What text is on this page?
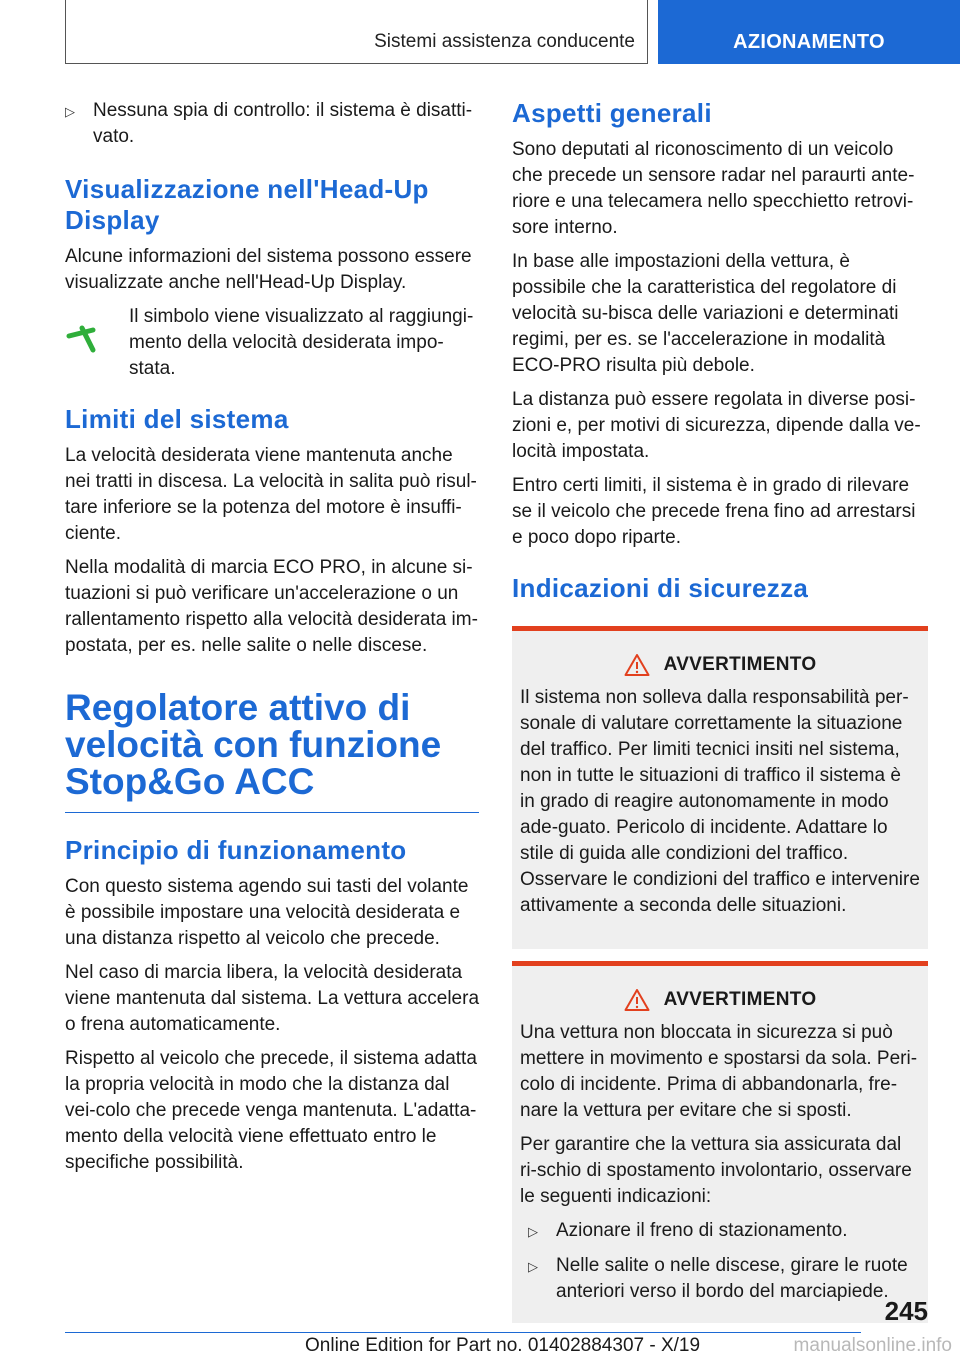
Sistemi assistenza conducente	AZIONAMENTO
▷ Nessuna spia di controllo: il sistema è disatti-vato.
Visualizzazione nell'Head-Up Display

Alcune informazioni del sistema possono essere visualizzate anche nell'Head-Up Display.

Il simbolo viene visualizzato al raggiungi-mento della velocità desiderata impo-stata.

Limiti del sistema

La velocità desiderata viene mantenuta anche nei tratti in discesa. La velocità in salita può risul-tare inferiore se la potenza del motore è insuffi-ciente.

Nella modalità di marcia ECO PRO, in alcune si-tuazioni si può verificare un'accelerazione o un rallentamento rispetto alla velocità desiderata im-postata, per es. nelle salite o nelle discese.

Regolatore attivo di velocità con funzione Stop&Go ACC
Principio di funzionamento

Con questo sistema agendo sui tasti del volante è possibile impostare una velocità desiderata e una distanza rispetto al veicolo che precede.

Nel caso di marcia libera, la velocità desiderata viene mantenuta dal sistema. La vettura accelera o frena automaticamente.

Rispetto al veicolo che precede, il sistema adatta la propria velocità in modo che la distanza dal vei-colo che precede venga mantenuta. L'adatta-mento della velocità viene effettuato entro le specifiche possibilità.

Aspetti generali

Sono deputati al riconoscimento di un veicolo che precede un sensore radar nel paraurti ante-riore e una telecamera nello specchietto retrovi-sore interno.

In base alle impostazioni della vettura, è possibile che la caratteristica del regolatore di velocità su-bisca delle variazioni e determinati regimi, per es. se l'accelerazione in modalità ECO-PRO risulta più debole.

La distanza può essere regolata in diverse posi-zioni e, per motivi di sicurezza, dipende dalla ve-locità impostata.

Entro certi limiti, il sistema è in grado di rilevare se il veicolo che precede frena fino ad arrestarsi e poco dopo riparte.

Indicazioni di sicurezza
AVVERTIMENTO

Il sistema non solleva dalla responsabilità per-sonale di valutare correttamente la situazione del traffico. Per limiti tecnici insiti nel sistema, non in tutte le situazioni di traffico il sistema è in grado di reagire autonomamente in modo ade-guato. Pericolo di incidente. Adattare lo stile di guida alle condizioni del traffico. Osservare le condizioni del traffico e intervenire attivamente a seconda delle situazioni.

AVVERTIMENTO

Una vettura non bloccata in sicurezza si può mettere in movimento e spostarsi da sola. Peri-colo di incidente. Prima di abbandonarla, fre-nare la vettura per evitare che si sposti.

Per garantire che la vettura sia assicurata dal ri-schio di spostamento involontario, osservare le seguenti indicazioni:

▷ Azionare il freno di stazionamento.
▷ Nelle salite o nelle discese, girare le ruote anteriori verso il bordo del marciapiede.
245
Online Edition for Part no. 01402884307 - X/19	manualsonline.info
